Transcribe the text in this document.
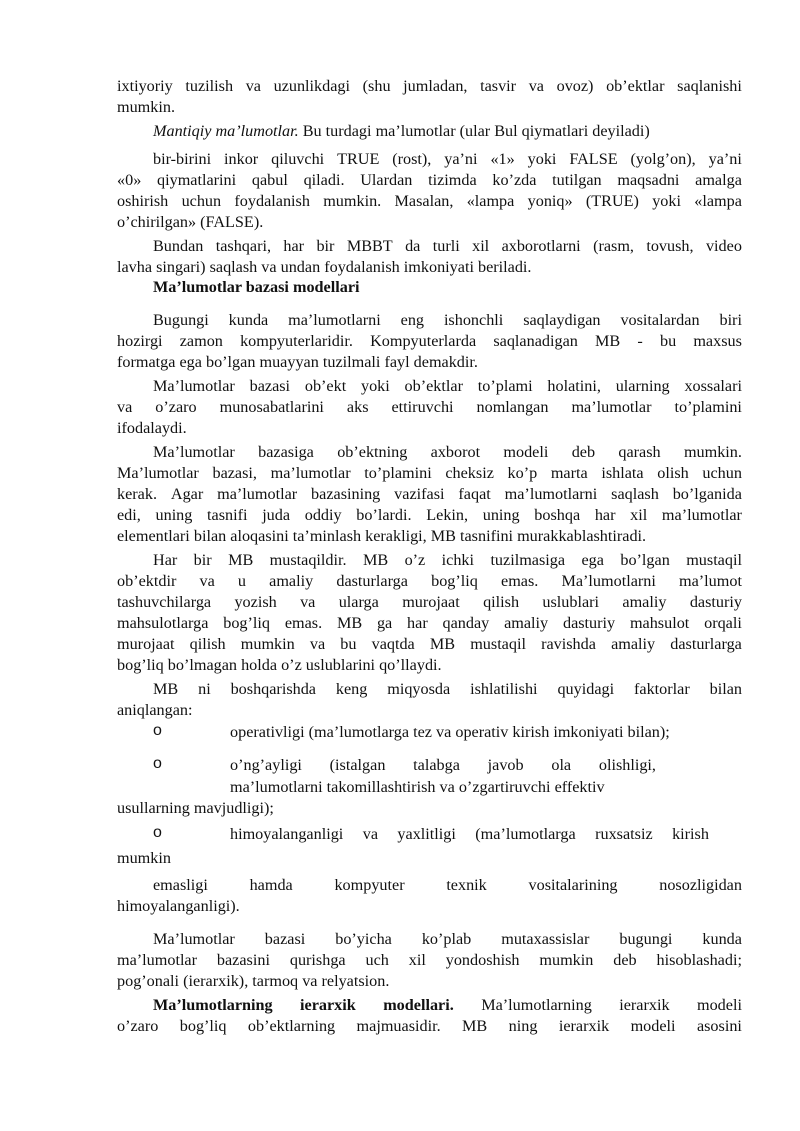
ixtiyoriy tuzilish va uzunlikdagi (shu jumladan, tasvir va ovoz) ob’ektlar saqlanishi
mumkin.
Mantiqiy ma’lumotlar. Bu turdagi ma’lumotlar (ular Bul qiymatlari deyiladi)
bir-birini inkor qiluvchi TRUE (rost), ya’ni «1» yoki FALSE (yolg’on), ya’ni
«0» qiymatlarini qabul qiladi. Ulardan tizimda ko’zda tutilgan maqsadni amalga
oshirish uchun foydalanish mumkin. Masalan, «lampa yoniq» (TRUE) yoki «lampa
o’chirilgan» (FALSE).
Bundan tashqari, har bir MBBT da turli xil axborotlarni (rasm, tovush, video
lavha singari) saqlash va undan foydalanish imkoniyati beriladi.
Ma’lumotlar bazasi modellari
Bugungi kunda ma’lumotlarni eng ishonchli saqlaydigan vositalardan biri
hozirgi zamon kompyuterlaridir. Kompyuterlarda saqlanadigan MB - bu maxsus
formatga ega bo’lgan muayyan tuzilmali fayl demakdir.
Ma’lumotlar bazasi ob’ekt yoki ob’ektlar to’plami holatini, ularning xossalari
va o’zaro munosabatlarini aks ettiruvchi nomlangan ma’lumotlar to’plamini
ifodalaydi.
Ma’lumotlar bazasiga ob’ektning axborot modeli deb qarash mumkin.
Ma’lumotlar bazasi, ma’lumotlar to’plamini cheksiz ko’p marta ishlata olish uchun
kerak. Agar ma’lumotlar bazasining vazifasi faqat ma’lumotlarni saqlash bo’lganida
edi, uning tasnifi juda oddiy bo’lardi. Lekin, uning boshqa har xil ma’lumotlar
elementlari bilan aloqasini ta’minlash kerakligi, MB tasnifini murakkablashtiradi.
Har bir MB mustaqildir. MB o’z ichki tuzilmasiga ega bo’lgan mustaqil
ob’ektdir va u amaliy dasturlarga bog’liq emas. Ma’lumotlarni ma’lumot
tashuvchilarga yozish va ularga murojaat qilish uslublari amaliy dasturiy
mahsulotlarga bog’liq emas. MB ga har qanday amaliy dasturiy mahsulot orqali
murojaat qilish mumkin va bu vaqtda MB mustaqil ravishda amaliy dasturlarga
bog’liq bo’lmagan holda o’z uslublarini qo’llaydi.
MB ni boshqarishda keng miqyosda ishlatilishi quyidagi faktorlar bilan
aniqlangan:
o	operativligi (ma’lumotlarga tez va operativ kirish imkoniyati bilan);
o	o’ng’ayligi (istalgan talabga javob ola olishligi,
ma’lumotlarni takomillashtirish va o’zgartiruvchi effektiv
usullarning mavjudligi);
o	himoyalanganligi va yaxlitligi (ma’lumotlarga ruxsatsiz kirish
mumkin
emasligi	hamda	kompyuter	texnik	vositalarining	nosozligidan
himoyalanganligi).
Ma’lumotlar bazasi bo’yicha ko’plab mutaxassislar bugungi kunda
ma’lumotlar bazasini qurishga uch xil yondoshish mumkin deb hisoblashadi;
pog’onali (ierarxik), tarmoq va relyatsion.
Ma’lumotlarning ierarxik modellari. Ma’lumotlarning ierarxik modeli
o’zaro bog’liq ob’ektlarning majmuasidir. MB ning ierarxik modeli asosini
